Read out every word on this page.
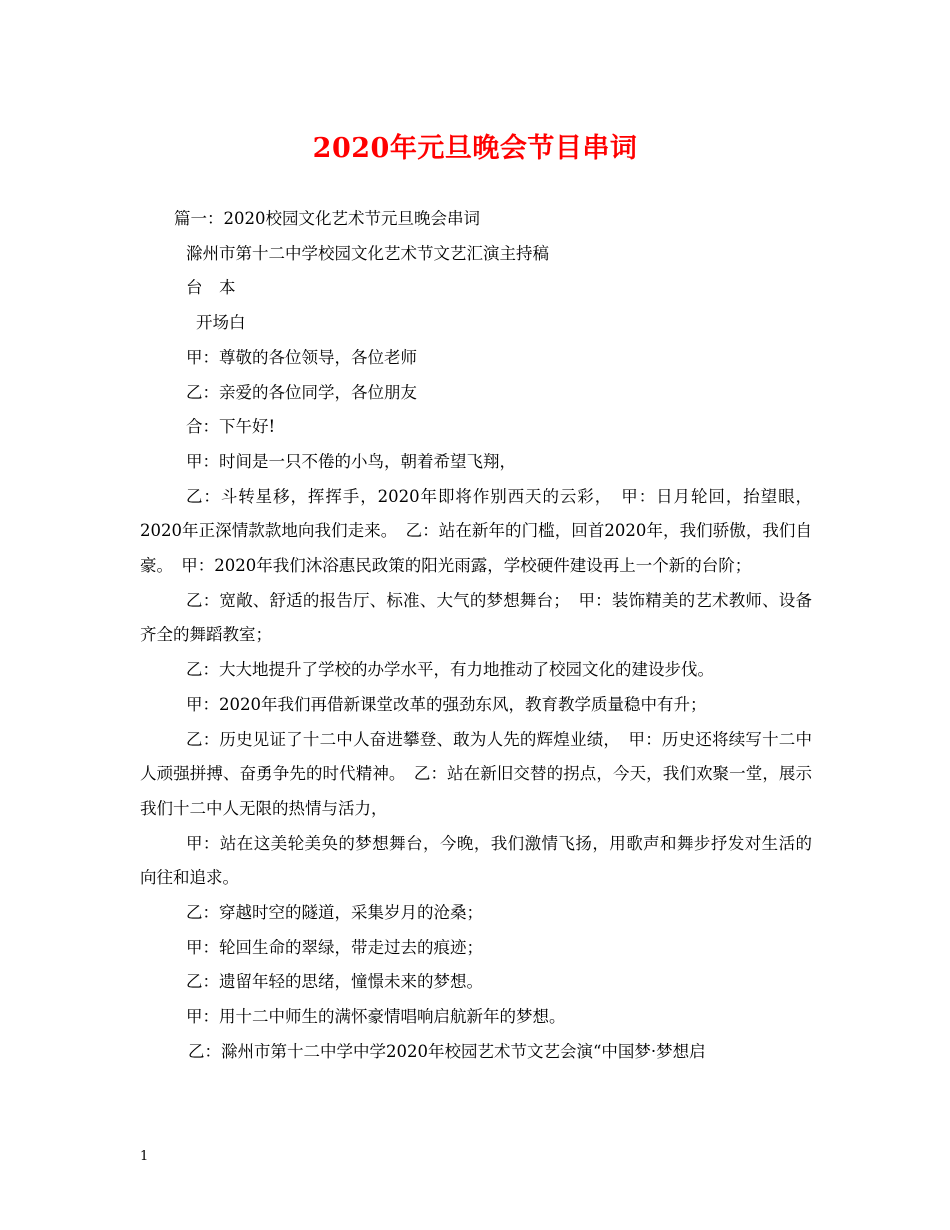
2020年元旦晚会节目串词

篇一：2020校园文化艺术节元旦晚会串词

滁州市第十二中学校园文化艺术节文艺汇演主持稿

台　本

开场白

甲：尊敬的各位领导，各位老师

乙：亲爱的各位同学，各位朋友

合：下午好!

甲：时间是一只不倦的小鸟，朝着希望飞翔，

乙：斗转星移，挥挥手，2020年即将作别西天的云彩，　甲：日月轮回，抬望眼，2020年正深情款款地向我们走来。　乙：站在新年的门槛，回首2020年，我们骄傲，我们自豪。　甲：2020年我们沐浴惠民政策的阳光雨露，学校硬件建设再上一个新的台阶；

乙：宽敞、舒适的报告厅、标准、大气的梦想舞台；　甲：装饰精美的艺术教师、设备齐全的舞蹈教室；

乙：大大地提升了学校的办学水平，有力地推动了校园文化的建设步伐。

甲：2020年我们再借新课堂改革的强劲东风，教育教学质量稳中有升；

乙：历史见证了十二中人奋进攀登、敢为人先的辉煌业绩，　甲：历史还将续写十二中人顽强拼搏、奋勇争先的时代精神。　乙：站在新旧交替的拐点，今天，我们欢聚一堂，展示我们十二中人无限的热情与活力，

甲：站在这美轮美奂的梦想舞台，今晚，我们激情飞扬，用歌声和舞步抒发对生活的向往和追求。

乙：穿越时空的隧道，采集岁月的沧桑；

甲：轮回生命的翠绿，带走过去的痕迹；

乙：遗留年轻的思绪，憧憬未来的梦想。

甲：用十二中师生的满怀豪情唱响启航新年的梦想。

乙：滁州市第十二中学中学2020年校园艺术节文艺会演“中国梦·梦想启

1
